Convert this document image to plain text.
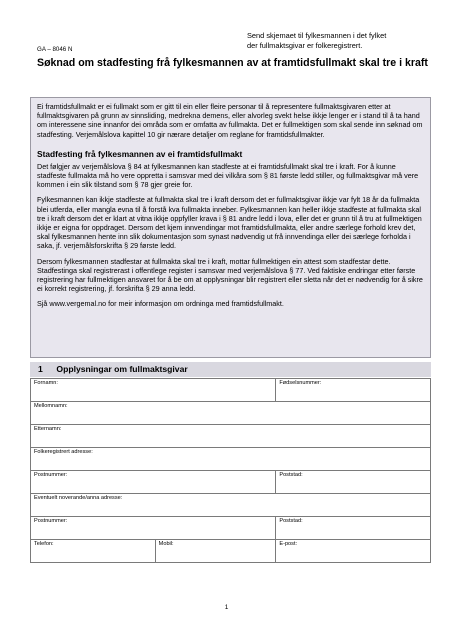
Send skjemaet til fylkesmannen i det fylket
der fullmaktsgivar er folkeregistrert.
GA – 8046 N
Søknad om stadfesting frå fylkesmannen av at framtidsfullmakt skal tre i kraft

Ei framtidsfullmakt er ei fullmakt som er gitt til ein eller fleire personar til å representere fullmaktsgivaren etter at fullmaktsgivaren på grunn av sinnsliding, medrekna demens, eller alvorleg svekt helse ikkje lenger er i stand til å ta hand om interessene sine innanfor dei områda som er omfatta av fullmakta. Det er fullmektigen som skal sende inn søknad om stadfesting. Verjemålslova kapittel 10 gir nærare detaljer om reglane for framtidsfullmakter.

Stadfesting frå fylkesmannen av ei framtidsfullmakt

Det følgjer av verjemålslova § 84 at fylkesmannen kan stadfeste at ei framtidsfullmakt skal tre i kraft. For å kunne stadfeste fullmakta må ho vere oppretta i samsvar med dei vilkåra som § 81 første ledd stiller, og fullmaktsgivar må vere kommen i ein slik tilstand som § 78 gjer greie for.

Fylkesmannen kan ikkje stadfeste at fullmakta skal tre i kraft dersom det er fullmaktsgivar ikkje var fylt 18 år da fullmakta blei utferda, eller mangla evna til å forstå kva fullmakta inneber. Fylkesmannen kan heller ikkje stadfeste at fullmakta skal tre i kraft dersom det er klart at vitna ikkje oppfyller krava i § 81 andre ledd i lova, eller det er grunn til å tru at fullmektigen ikkje er eigna for oppdraget. Dersom det kjem innvendingar mot framtidsfullmakta, eller andre særlege forhold krev det, skal fylkesmannen hente inn slik dokumentasjon som synast nødvendig ut frå innvendinga eller dei særlege forholda i saka, jf. verjemålsforskrifta § 29 første ledd.

Dersom fylkesmannen stadfestar at fullmakta skal tre i kraft, mottar fullmektigen ein attest som stadfestar dette. Stadfestinga skal registrerast i offentlege register i samsvar med verjemålslova § 77. Ved faktiske endringar etter første registrering har fullmektigen ansvaret for å be om at opplysningar blir registrert eller sletta når det er nødvendig for å sikre ei korrekt registrering, jf. forskrifta § 29 anna ledd.

Sjå www.vergemal.no for meir informasjon om ordninga med framtidsfullmakt.

1 Opplysningar om fullmaktsgivar
Fornamn:		Fødselsnummer:
Mellomnamn:		
Etternamn:		
Folkeregistrert adresse:		
Postnummer:		Poststad:
Eventuelt noverande/anna adresse:		
Postnummer:		Poststad:
Telefon:	Mobil:	E-post:
1
